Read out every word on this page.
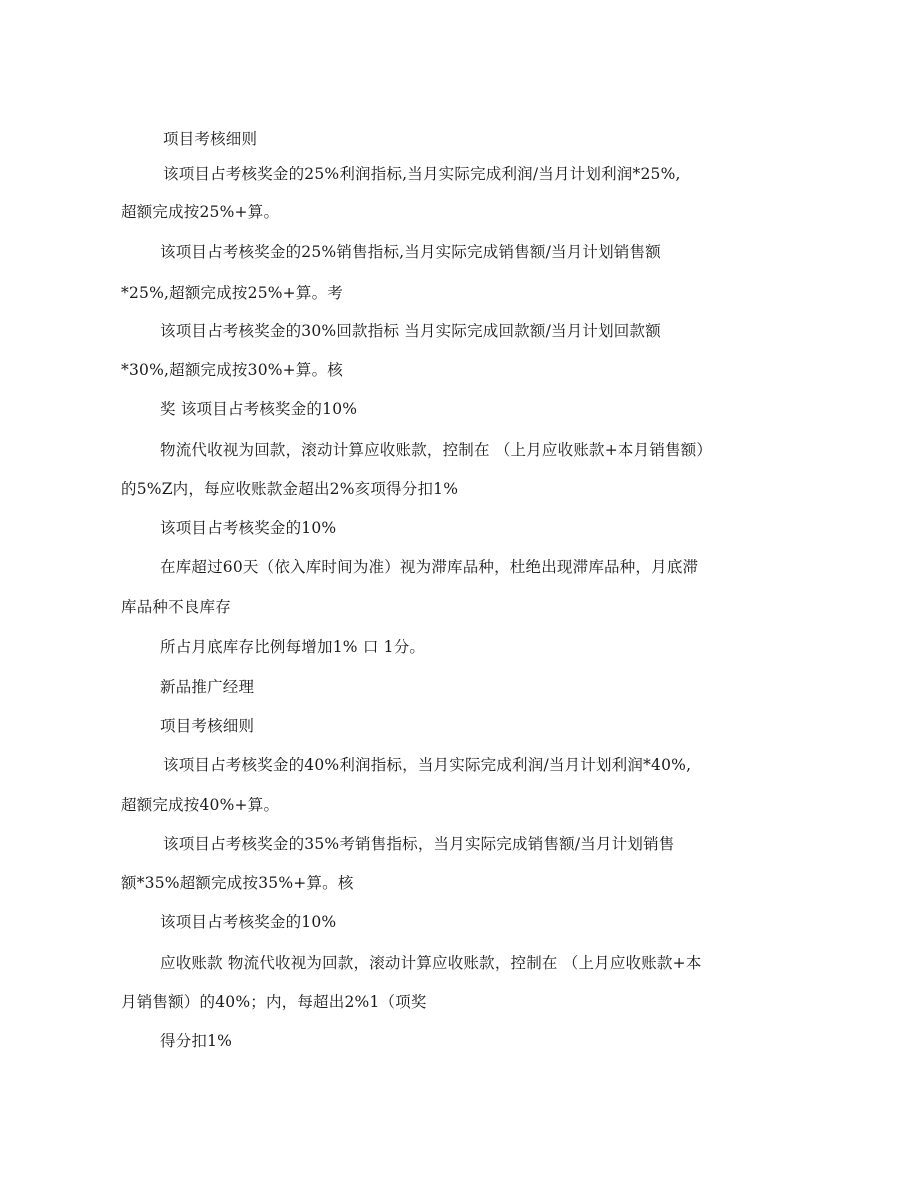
项目考核细则
该项目占考核奖金的25%利润指标,当月实际完成利润/当月计划利润*25%,
超额完成按25%+算。
该项目占考核奖金的25%销售指标,当月实际完成销售额/当月计划销售额
*25%,超额完成按25%+算。考
该项目占考核奖金的30%回款指标 当月实际完成回款额/当月计划回款额
*30%,超额完成按30%+算。核
奖 该项目占考核奖金的10%
物流代收视为回款，滚动计算应收账款，控制在 （上月应收账款+本月销售额）
的5%Z内，每应收账款金超出2%亥项得分扣1%
该项目占考核奖金的10%
在库超过60天（依入库时间为准）视为滞库品种，杜绝出现滞库品种，月底滞
库品种不良库存
所占月底库存比例每增加1% 口 1分。
新品推广经理
项目考核细则
该项目占考核奖金的40%利润指标，当月实际完成利润/当月计划利润*40%,
超额完成按40%+算。
该项目占考核奖金的35%考销售指标，当月实际完成销售额/当月计划销售
额*35%超额完成按35%+算。核
该项目占考核奖金的10%
应收账款 物流代收视为回款，滚动计算应收账款，控制在 （上月应收账款+本
月销售额）的40%；内，每超出2%1（项奖
得分扣1%
